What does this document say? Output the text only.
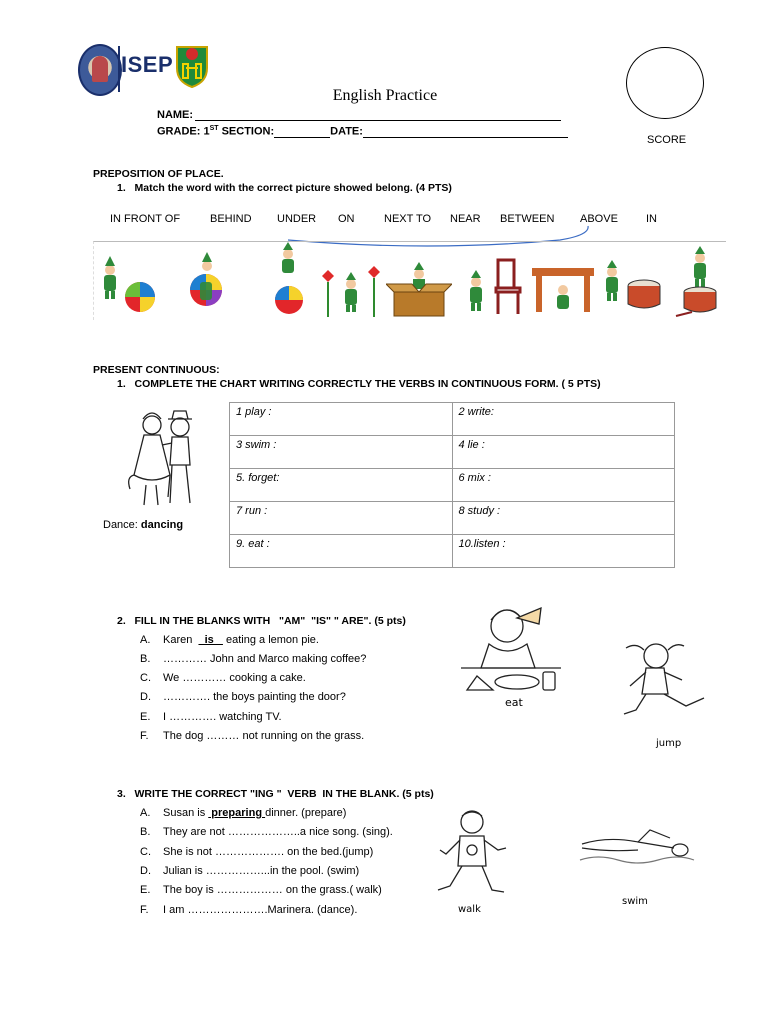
ISEP
English Practice
NAME:
GRADE: 1ST SECTION:	DATE:
SCORE
PREPOSITION OF PLACE.
1.   Match the word with the correct picture showed belong. (4 PTS)
IN FRONT OF	BEHIND UNDER ON	NEXT TO NEAR BETWEEN ABOVE	IN
PRESENT CONTINUOUS:
1.   COMPLETE THE CHART WRITING CORRECTLY THE VERBS IN CONTINUOUS FORM. ( 5 PTS)
Dance: dancing
1 play :	2 write:
3 swim :	4 lie :
5. forget:	6 mix :
7 run :	8 study :
9. eat :	10.listen :
2.   FILL IN THE BLANKS WITH   "AM"  "IS" " ARE". (5 pts)
A. Karen    is    eating a lemon pie.
B. ………… John and Marco making coffee?
C. We ………… cooking a cake.
D. …………. the boys painting the door?
E. I …………. watching TV.
F. The dog ……… not running on the grass.
eat
jump
3.   WRITE THE CORRECT "ING "  VERB  IN THE BLANK. (5 pts)
A. Susan is  preparing dinner. (prepare)
B. They are not ………………..a nice song. (sing).
C. She is not ………………. on the bed.(jump)
D. Julian is ……………...in the pool. (swim)
E. The boy is ……………… on the grass.( walk)
F. I am ………………….Marinera. (dance).	walk
swim
